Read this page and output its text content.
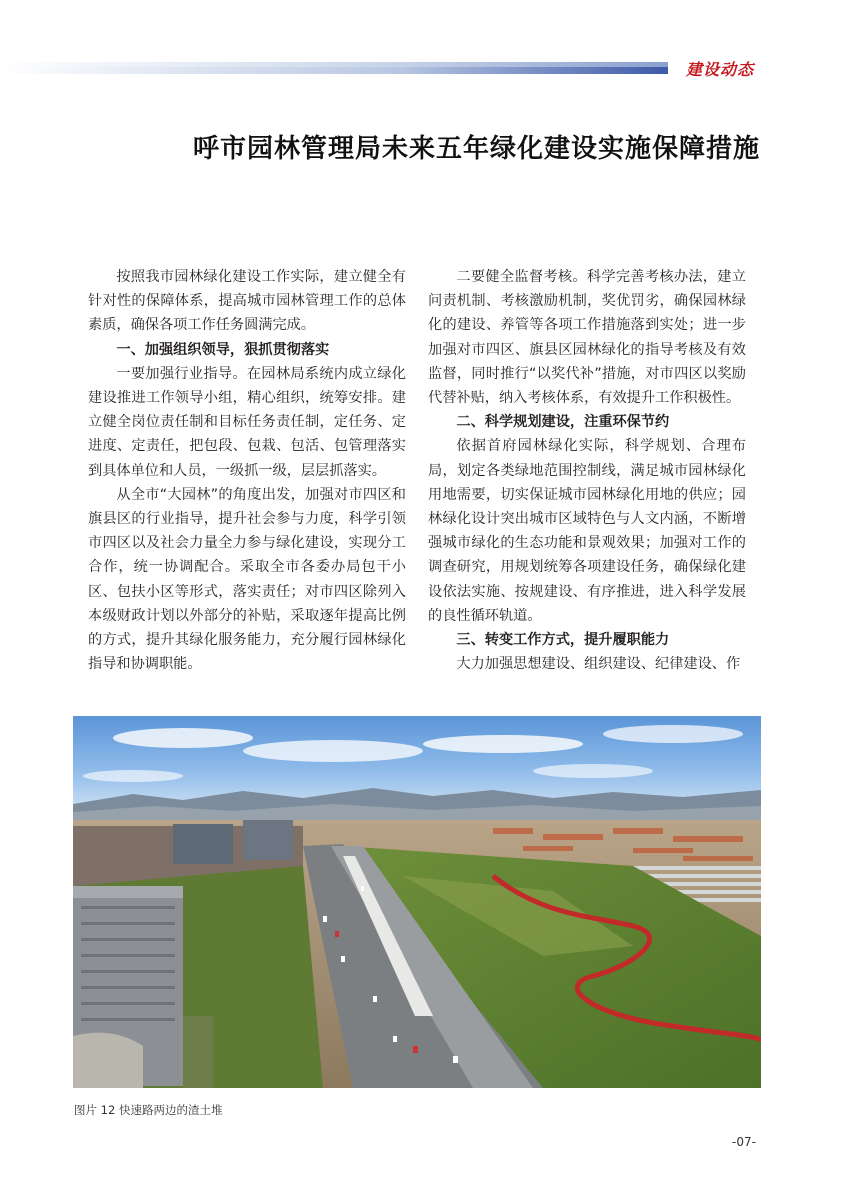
建设动态
呼市园林管理局未来五年绿化建设实施保障措施

按照我市园林绿化建设工作实际，建立健全有针对性的保障体系，提高城市园林管理工作的总体素质，确保各项工作任务圆满完成。

一、加强组织领导，狠抓贯彻落实

一要加强行业指导。在园林局系统内成立绿化建设推进工作领导小组，精心组织，统筹安排。建立健全岗位责任制和目标任务责任制，定任务、定进度、定责任，把包段、包栽、包活、包管理落实到具体单位和人员，一级抓一级，层层抓落实。

从全市“大园林”的角度出发，加强对市四区和旗县区的行业指导，提升社会参与力度，科学引领市四区以及社会力量全力参与绿化建设，实现分工合作，统一协调配合。采取全市各委办局包干小区、包扶小区等形式，落实责任；对市四区除列入本级财政计划以外部分的补贴，采取逐年提高比例的方式，提升其绿化服务能力，充分履行园林绿化指导和协调职能。

二要健全监督考核。科学完善考核办法，建立问责机制、考核激励机制，奖优罚劣，确保园林绿化的建设、养管等各项工作措施落到实处；进一步加强对市四区、旗县区园林绿化的指导考核及有效监督，同时推行“以奖代补”措施，对市四区以奖励代替补贴，纳入考核体系，有效提升工作积极性。

二、科学规划建设，注重环保节约

依据首府园林绿化实际，科学规划、合理布局，划定各类绿地范围控制线，满足城市园林绿化用地需要，切实保证城市园林绿化用地的供应；园林绿化设计突出城市区域特色与人文内涵，不断增强城市绿化的生态功能和景观效果；加强对工作的调查研究，用规划统筹各项建设任务，确保绿化建设依法实施、按规建设、有序推进，进入科学发展的良性循环轨道。

三、转变工作方式，提升履职能力

大力加强思想建设、组织建设、纪律建设、作

图片 12 快速路两边的渣土堆
-07-
